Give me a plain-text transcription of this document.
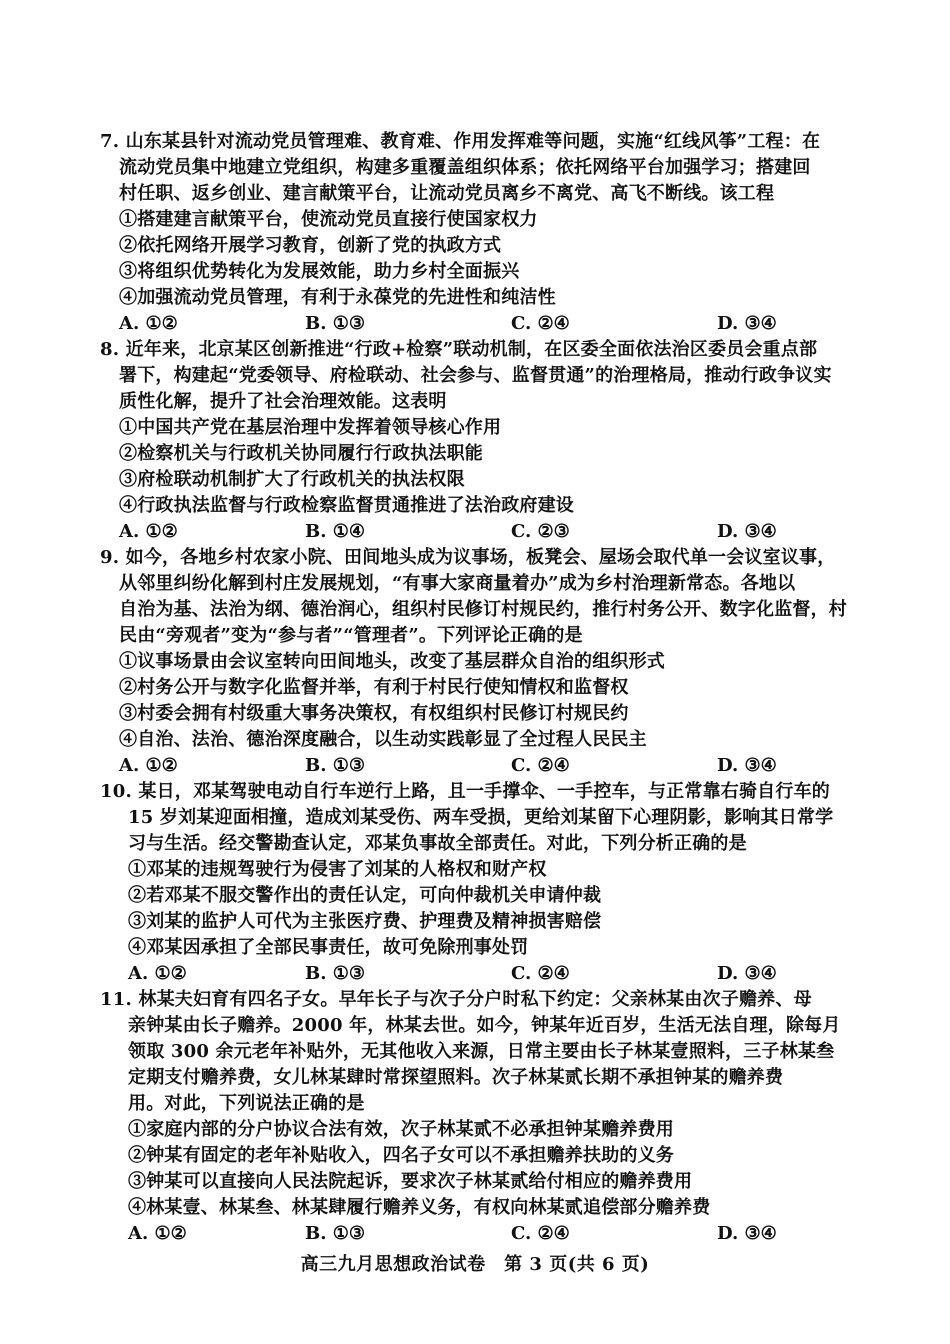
7. 山东某县针对流动党员管理难、教育难、作用发挥难等问题，实施“红线风筝”工程：在
流动党员集中地建立党组织，构建多重覆盖组织体系；依托网络平台加强学习；搭建回
村任职、返乡创业、建言献策平台，让流动党员离乡不离党、高飞不断线。该工程
①搭建建言献策平台，使流动党员直接行使国家权力
②依托网络开展学习教育，创新了党的执政方式
③将组织优势转化为发展效能，助力乡村全面振兴
④加强流动党员管理，有利于永葆党的先进性和纯洁性
A. ①②	B. ①③	C. ②④	D. ③④
8. 近年来，北京某区创新推进“行政+检察”联动机制，在区委全面依法治区委员会重点部
署下，构建起“党委领导、府检联动、社会参与、监督贯通”的治理格局，推动行政争议实
质性化解，提升了社会治理效能。这表明
①中国共产党在基层治理中发挥着领导核心作用
②检察机关与行政机关协同履行行政执法职能
③府检联动机制扩大了行政机关的执法权限
④行政执法监督与行政检察监督贯通推进了法治政府建设
A. ①②	B. ①④	C. ②③	D. ③④
9. 如今，各地乡村农家小院、田间地头成为议事场，板凳会、屋场会取代单一会议室议事，
从邻里纠纷化解到村庄发展规划，“有事大家商量着办”成为乡村治理新常态。各地以
自治为基、法治为纲、德治润心，组织村民修订村规民约，推行村务公开、数字化监督，村
民由“旁观者”变为“参与者”“管理者”。下列评论正确的是
①议事场景由会议室转向田间地头，改变了基层群众自治的组织形式
②村务公开与数字化监督并举，有利于村民行使知情权和监督权
③村委会拥有村级重大事务决策权，有权组织村民修订村规民约
④自治、法治、德治深度融合，以生动实践彰显了全过程人民民主
A. ①②	B. ①③	C. ②④	D. ③④
10. 某日，邓某驾驶电动自行车逆行上路，且一手撑伞、一手控车，与正常靠右骑自行车的
15 岁刘某迎面相撞，造成刘某受伤、两车受损，更给刘某留下心理阴影，影响其日常学
习与生活。经交警勘查认定，邓某负事故全部责任。对此，下列分析正确的是
①邓某的违规驾驶行为侵害了刘某的人格权和财产权
②若邓某不服交警作出的责任认定，可向仲裁机关申请仲裁
③刘某的监护人可代为主张医疗费、护理费及精神损害赔偿
④邓某因承担了全部民事责任，故可免除刑事处罚
A. ①②	B. ①③	C. ②④	D. ③④
11. 林某夫妇育有四名子女。早年长子与次子分户时私下约定：父亲林某由次子赡养、母
亲钟某由长子赡养。2000 年，林某去世。如今，钟某年近百岁，生活无法自理，除每月
领取 300 余元老年补贴外，无其他收入来源，日常主要由长子林某壹照料，三子林某叁
定期支付赡养费，女儿林某肆时常探望照料。次子林某贰长期不承担钟某的赡养费
用。对此，下列说法正确的是
①家庭内部的分户协议合法有效，次子林某贰不必承担钟某赡养费用
②钟某有固定的老年补贴收入，四名子女可以不承担赡养扶助的义务
③钟某可以直接向人民法院起诉，要求次子林某贰给付相应的赡养费用
④林某壹、林某叁、林某肆履行赡养义务，有权向林某贰追偿部分赡养费
A. ①②	B. ①③	C. ②④	D. ③④
高三九月思想政治试卷　第 3 页(共 6 页)
